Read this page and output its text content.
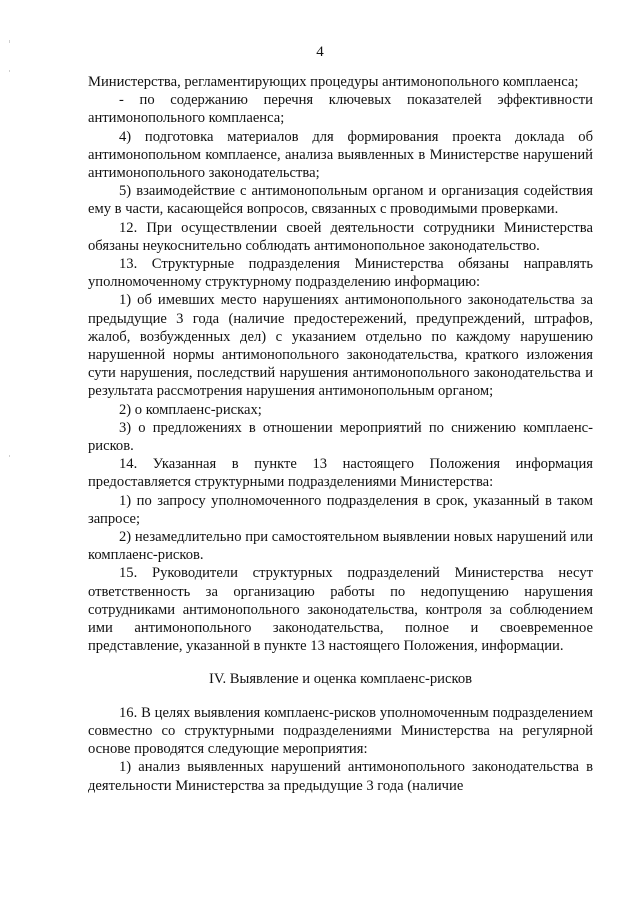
4

Министерства, регламентирующих процедуры антимонопольного комплаенса;

- по содержанию перечня ключевых показателей эффективности антимонопольного комплаенса;

4) подготовка материалов для формирования проекта доклада об антимонопольном комплаенсе, анализа выявленных в Министерстве нарушений антимонопольного законодательства;

5) взаимодействие с антимонопольным органом и организация содействия ему в части, касающейся вопросов, связанных с проводимыми проверками.

12. При осуществлении своей деятельности сотрудники Министерства обязаны неукоснительно соблюдать антимонопольное законодательство.

13. Структурные подразделения Министерства обязаны направлять уполномоченному структурному подразделению информацию:

1) об имевших место нарушениях антимонопольного законодательства за предыдущие 3 года (наличие предостережений, предупреждений, штрафов, жалоб, возбужденных дел) с указанием отдельно по каждому нарушению нарушенной нормы антимонопольного законодательства, краткого изложения сути нарушения, последствий нарушения антимонопольного законодательства и результата рассмотрения нарушения антимонопольным органом;

2) о комплаенс-рисках;

3) о предложениях в отношении мероприятий по снижению комплаенс-рисков.

14. Указанная в пункте 13 настоящего Положения информация предоставляется структурными подразделениями Министерства:

1) по запросу уполномоченного подразделения в срок, указанный в таком запросе;

2) незамедлительно при самостоятельном выявлении новых нарушений или комплаенс-рисков.

15. Руководители структурных подразделений Министерства несут ответственность за организацию работы по недопущению нарушения сотрудниками антимонопольного законодательства, контроля за соблюдением ими антимонопольного законодательства, полное и своевременное представление, указанной в пункте 13 настоящего Положения, информации.

IV. Выявление и оценка комплаенс-рисков

16. В целях выявления комплаенс-рисков уполномоченным подразделением совместно со структурными подразделениями Министерства на регулярной основе проводятся следующие мероприятия:

1) анализ выявленных нарушений антимонопольного законодательства в деятельности Министерства за предыдущие 3 года (наличие
